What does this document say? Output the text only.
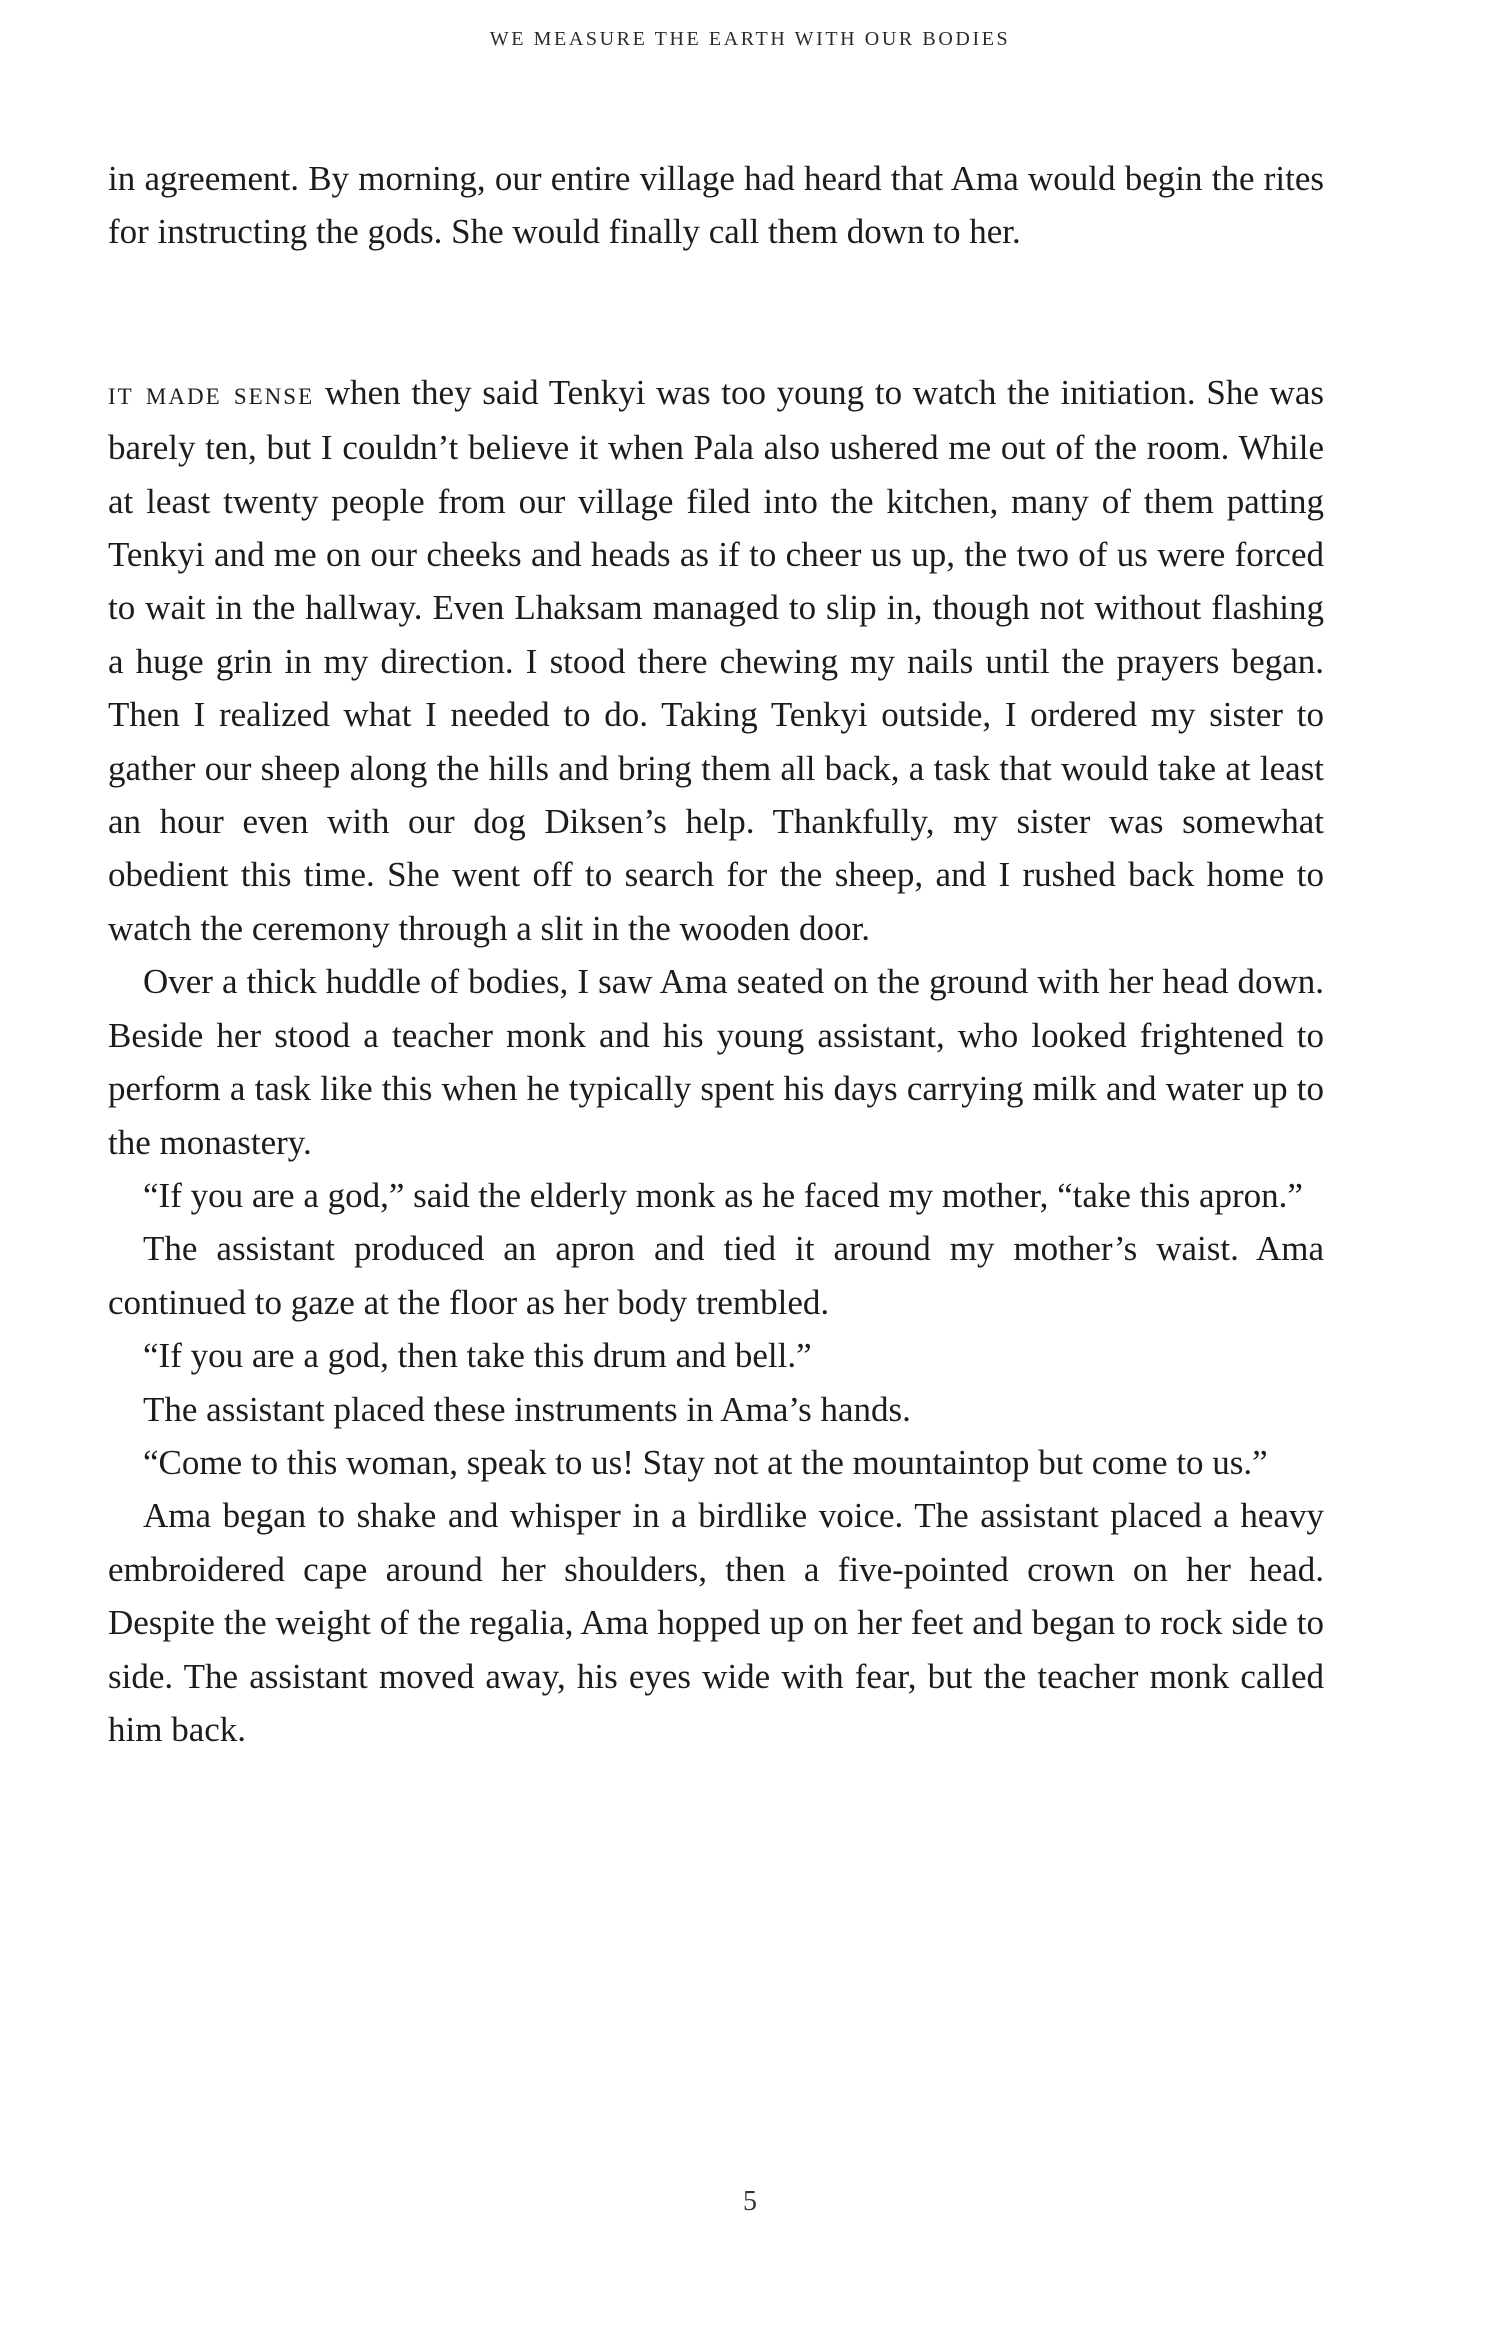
WE MEASURE THE EARTH WITH OUR BODIES

in agreement. By morning, our entire village had heard that Ama would begin the rites for instructing the gods. She would finally call them down to her.

it made sense when they said Tenkyi was too young to watch the initiation. She was barely ten, but I couldn’t believe it when Pala also ushered me out of the room. While at least twenty people from our village filed into the kitchen, many of them patting Tenkyi and me on our cheeks and heads as if to cheer us up, the two of us were forced to wait in the hallway. Even Lhaksam managed to slip in, though not without flashing a huge grin in my direction. I stood there chewing my nails until the prayers began. Then I realized what I needed to do. Taking Tenkyi outside, I ordered my sister to gather our sheep along the hills and bring them all back, a task that would take at least an hour even with our dog Diksen’s help. Thankfully, my sister was somewhat obedient this time. She went off to search for the sheep, and I rushed back home to watch the ceremony through a slit in the wooden door.

Over a thick huddle of bodies, I saw Ama seated on the ground with her head down. Beside her stood a teacher monk and his young assistant, who looked frightened to perform a task like this when he typically spent his days carrying milk and water up to the monastery.

“If you are a god,” said the elderly monk as he faced my mother, “take this apron.”

The assistant produced an apron and tied it around my mother’s waist. Ama continued to gaze at the floor as her body trembled.

“If you are a god, then take this drum and bell.”

The assistant placed these instruments in Ama’s hands.

“Come to this woman, speak to us! Stay not at the mountaintop but come to us.”

Ama began to shake and whisper in a birdlike voice. The assistant placed a heavy embroidered cape around her shoulders, then a five-pointed crown on her head. Despite the weight of the regalia, Ama hopped up on her feet and began to rock side to side. The assistant moved away, his eyes wide with fear, but the teacher monk called him back.

5
